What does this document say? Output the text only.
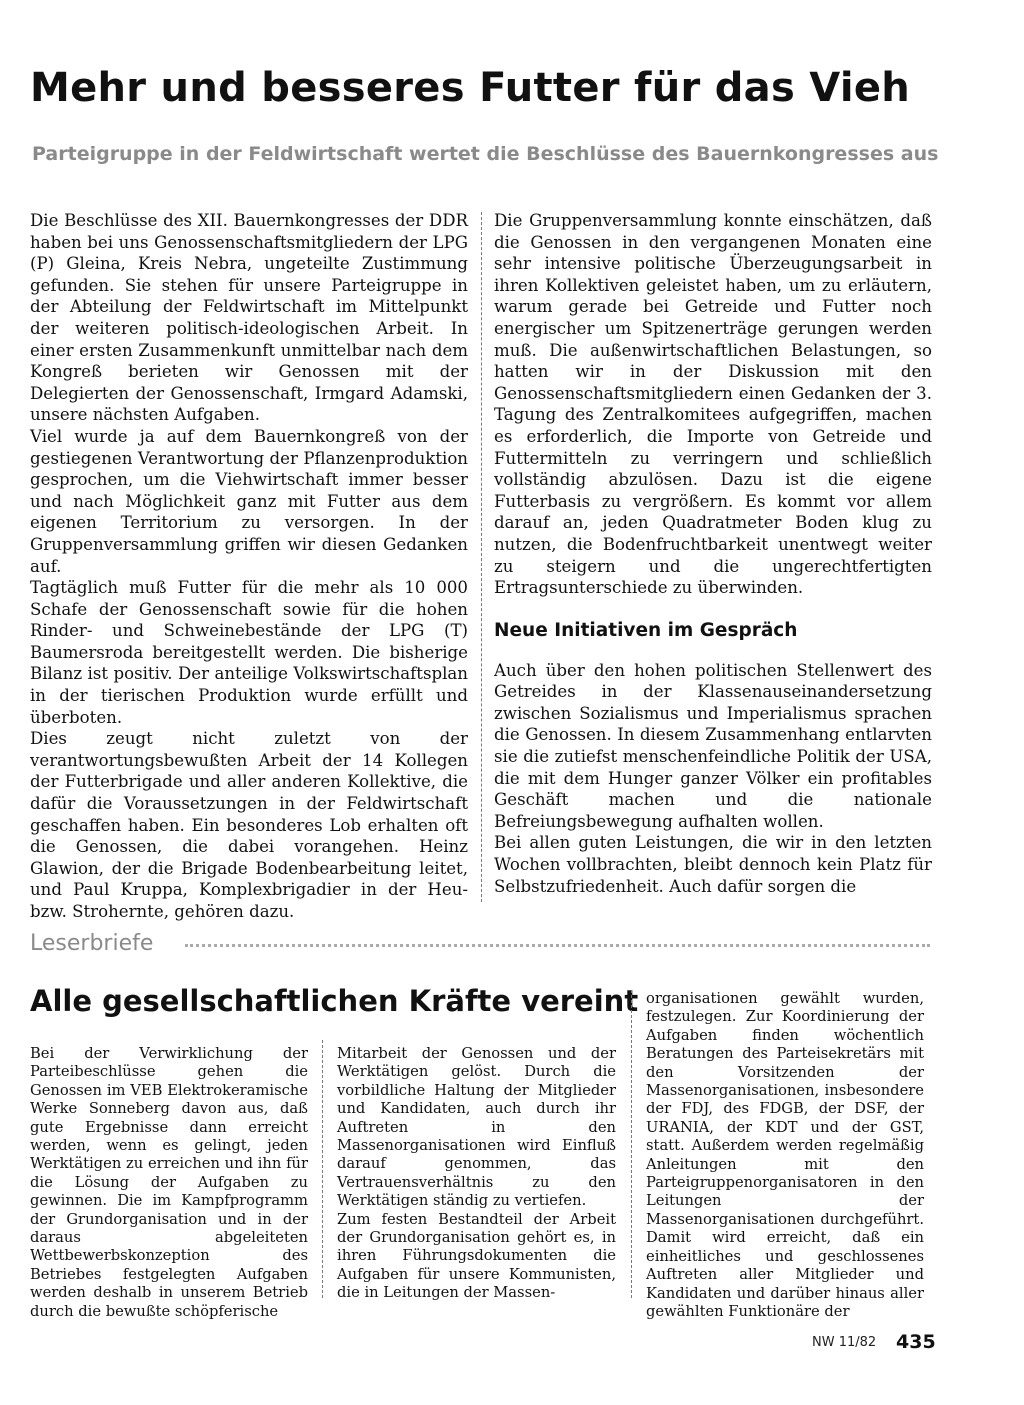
Mehr und besseres Futter für das Vieh

Parteigruppe in der Feldwirtschaft wertet die Beschlüsse des Bauernkongresses aus

Die Beschlüsse des XII. Bauernkongresses der DDR haben bei uns Genossenschaftsmitgliedern der LPG (P) Gleina, Kreis Nebra, ungeteilte Zustimmung gefunden. Sie stehen für unsere Parteigruppe in der Abteilung der Feldwirtschaft im Mittelpunkt der weiteren politisch-ideologischen Arbeit. In einer ersten Zusammenkunft unmittelbar nach dem Kongreß berieten wir Genossen mit der Delegierten der Genossenschaft, Irmgard Adamski, unsere nächsten Aufgaben.

Viel wurde ja auf dem Bauernkongreß von der gestiegenen Verantwortung der Pflanzenproduktion gesprochen, um die Viehwirtschaft immer besser und nach Möglichkeit ganz mit Futter aus dem eigenen Territorium zu versorgen. In der Gruppenversammlung griffen wir diesen Gedanken auf.

Tagtäglich muß Futter für die mehr als 10 000 Schafe der Genossenschaft sowie für die hohen Rinder- und Schweinebestände der LPG (T) Baumersroda bereitgestellt werden. Die bisherige Bilanz ist positiv. Der anteilige Volkswirtschaftsplan in der tierischen Produktion wurde erfüllt und überboten.

Dies zeugt nicht zuletzt von der verantwortungsbewußten Arbeit der 14 Kollegen der Futterbrigade und aller anderen Kollektive, die dafür die Voraussetzungen in der Feldwirtschaft geschaffen haben. Ein besonderes Lob erhalten oft die Genossen, die dabei vorangehen. Heinz Glawion, der die Brigade Bodenbearbeitung leitet, und Paul Kruppa, Komplexbrigadier in der Heu- bzw. Strohernte, gehören dazu.

Die Gruppenversammlung konnte einschätzen, daß die Genossen in den vergangenen Monaten eine sehr intensive politische Überzeugungsarbeit in ihren Kollektiven geleistet haben, um zu erläutern, warum gerade bei Getreide und Futter noch energischer um Spitzenerträge gerungen werden muß. Die außenwirtschaftlichen Belastungen, so hatten wir in der Diskussion mit den Genossenschaftsmitgliedern einen Gedanken der 3. Tagung des Zentralkomitees aufgegriffen, machen es erforderlich, die Importe von Getreide und Futtermitteln zu verringern und schließlich vollständig abzulösen. Dazu ist die eigene Futterbasis zu vergrößern. Es kommt vor allem darauf an, jeden Quadratmeter Boden klug zu nutzen, die Bodenfruchtbarkeit unentwegt weiter zu steigern und die ungerechtfertigten Ertragsunterschiede zu überwinden.

Neue Initiativen im Gespräch

Auch über den hohen politischen Stellenwert des Getreides in der Klassenauseinandersetzung zwischen Sozialismus und Imperialismus sprachen die Genossen. In diesem Zusammenhang entlarvten sie die zutiefst menschenfeindliche Politik der USA, die mit dem Hunger ganzer Völker ein profitables Geschäft machen und die nationale Befreiungsbewegung aufhalten wollen.

Bei allen guten Leistungen, die wir in den letzten Wochen vollbrachten, bleibt dennoch kein Platz für Selbstzufriedenheit. Auch dafür sorgen die

Leserbriefe

Alle gesellschaftlichen Kräfte vereint

Bei der Verwirklichung der Parteibeschlüsse gehen die Genossen im VEB Elektrokeramische Werke Sonneberg davon aus, daß gute Ergebnisse dann erreicht werden, wenn es gelingt, jeden Werktätigen zu erreichen und ihn für die Lösung der Aufgaben zu gewinnen. Die im Kampfprogramm der Grundorganisation und in der daraus abgeleiteten Wettbewerbskonzeption des Betriebes festgelegten Aufgaben werden deshalb in unserem Betrieb durch die bewußte schöpferische

Mitarbeit der Genossen und der Werktätigen gelöst. Durch die vorbildliche Haltung der Mitglieder und Kandidaten, auch durch ihr Auftreten in den Massenorganisationen wird Einfluß darauf genommen, das Vertrauensverhältnis zu den Werktätigen ständig zu vertiefen.

Zum festen Bestandteil der Arbeit der Grundorganisation gehört es, in ihren Führungsdokumenten die Aufgaben für unsere Kommunisten, die in Leitungen der Massen-

organisationen gewählt wurden, festzulegen. Zur Koordinierung der Aufgaben finden wöchentlich Beratungen des Parteisekretärs mit den Vorsitzenden der Massenorganisationen, insbesondere der FDJ, des FDGB, der DSF, der URANIA, der KDT und der GST, statt. Außerdem werden regelmäßig Anleitungen mit den Parteigruppenorganisatoren in den Leitungen der Massenorganisationen durchgeführt. Damit wird erreicht, daß ein einheitliches und geschlossenes Auftreten aller Mitglieder und Kandidaten und darüber hinaus aller gewählten Funktionäre der

NW 11/82 435
